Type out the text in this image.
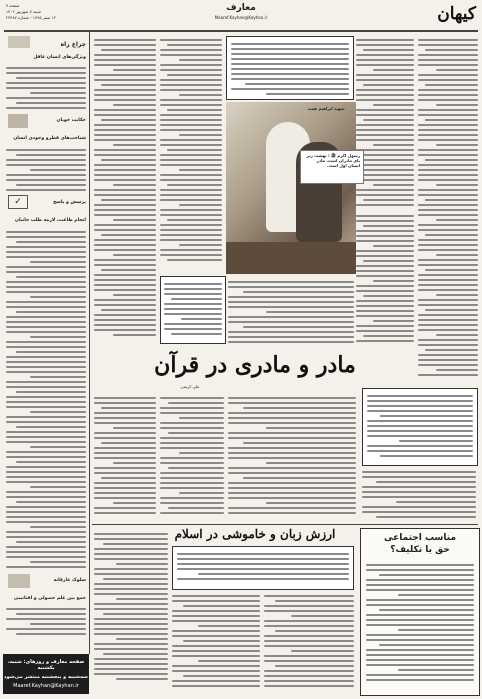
کیهان
معارف
Maaref.Kayhan@Kayhan.ir
صفحه ۷
شنبه ۷ شهریور ۱۴۰۲
۱۲ صفر ۱۴۴۵ - شماره ۲۳۴۸۷
چراغ راه
ویژگی‌های انسان عاقل
حکایت خوبان
شناخت‌های فطرو وجودی انسان
پرسش و پاسخ
✓
انجام طاعت، لازمه طلب جانبان
سلوک عارفانه
جمع بین علم حصولی و اقتاتیبی
صفحه معارف و روزهای: شنبه، یکشنبه
سه‌شنبه و پنجشنبه منتشر می‌شود
Maaref.Kayhan@Kayhan.ir
شهید ابراهیم همت
رسول اکرم ﷺ : بهشت زیر پای مادران است. مادر انسان اول است.
مادر و مادری در قرآن
علی کریمی
ارزش زبان و خاموشی در اسلام	مناسب اجتماعی
حق یا تکلیف؟
